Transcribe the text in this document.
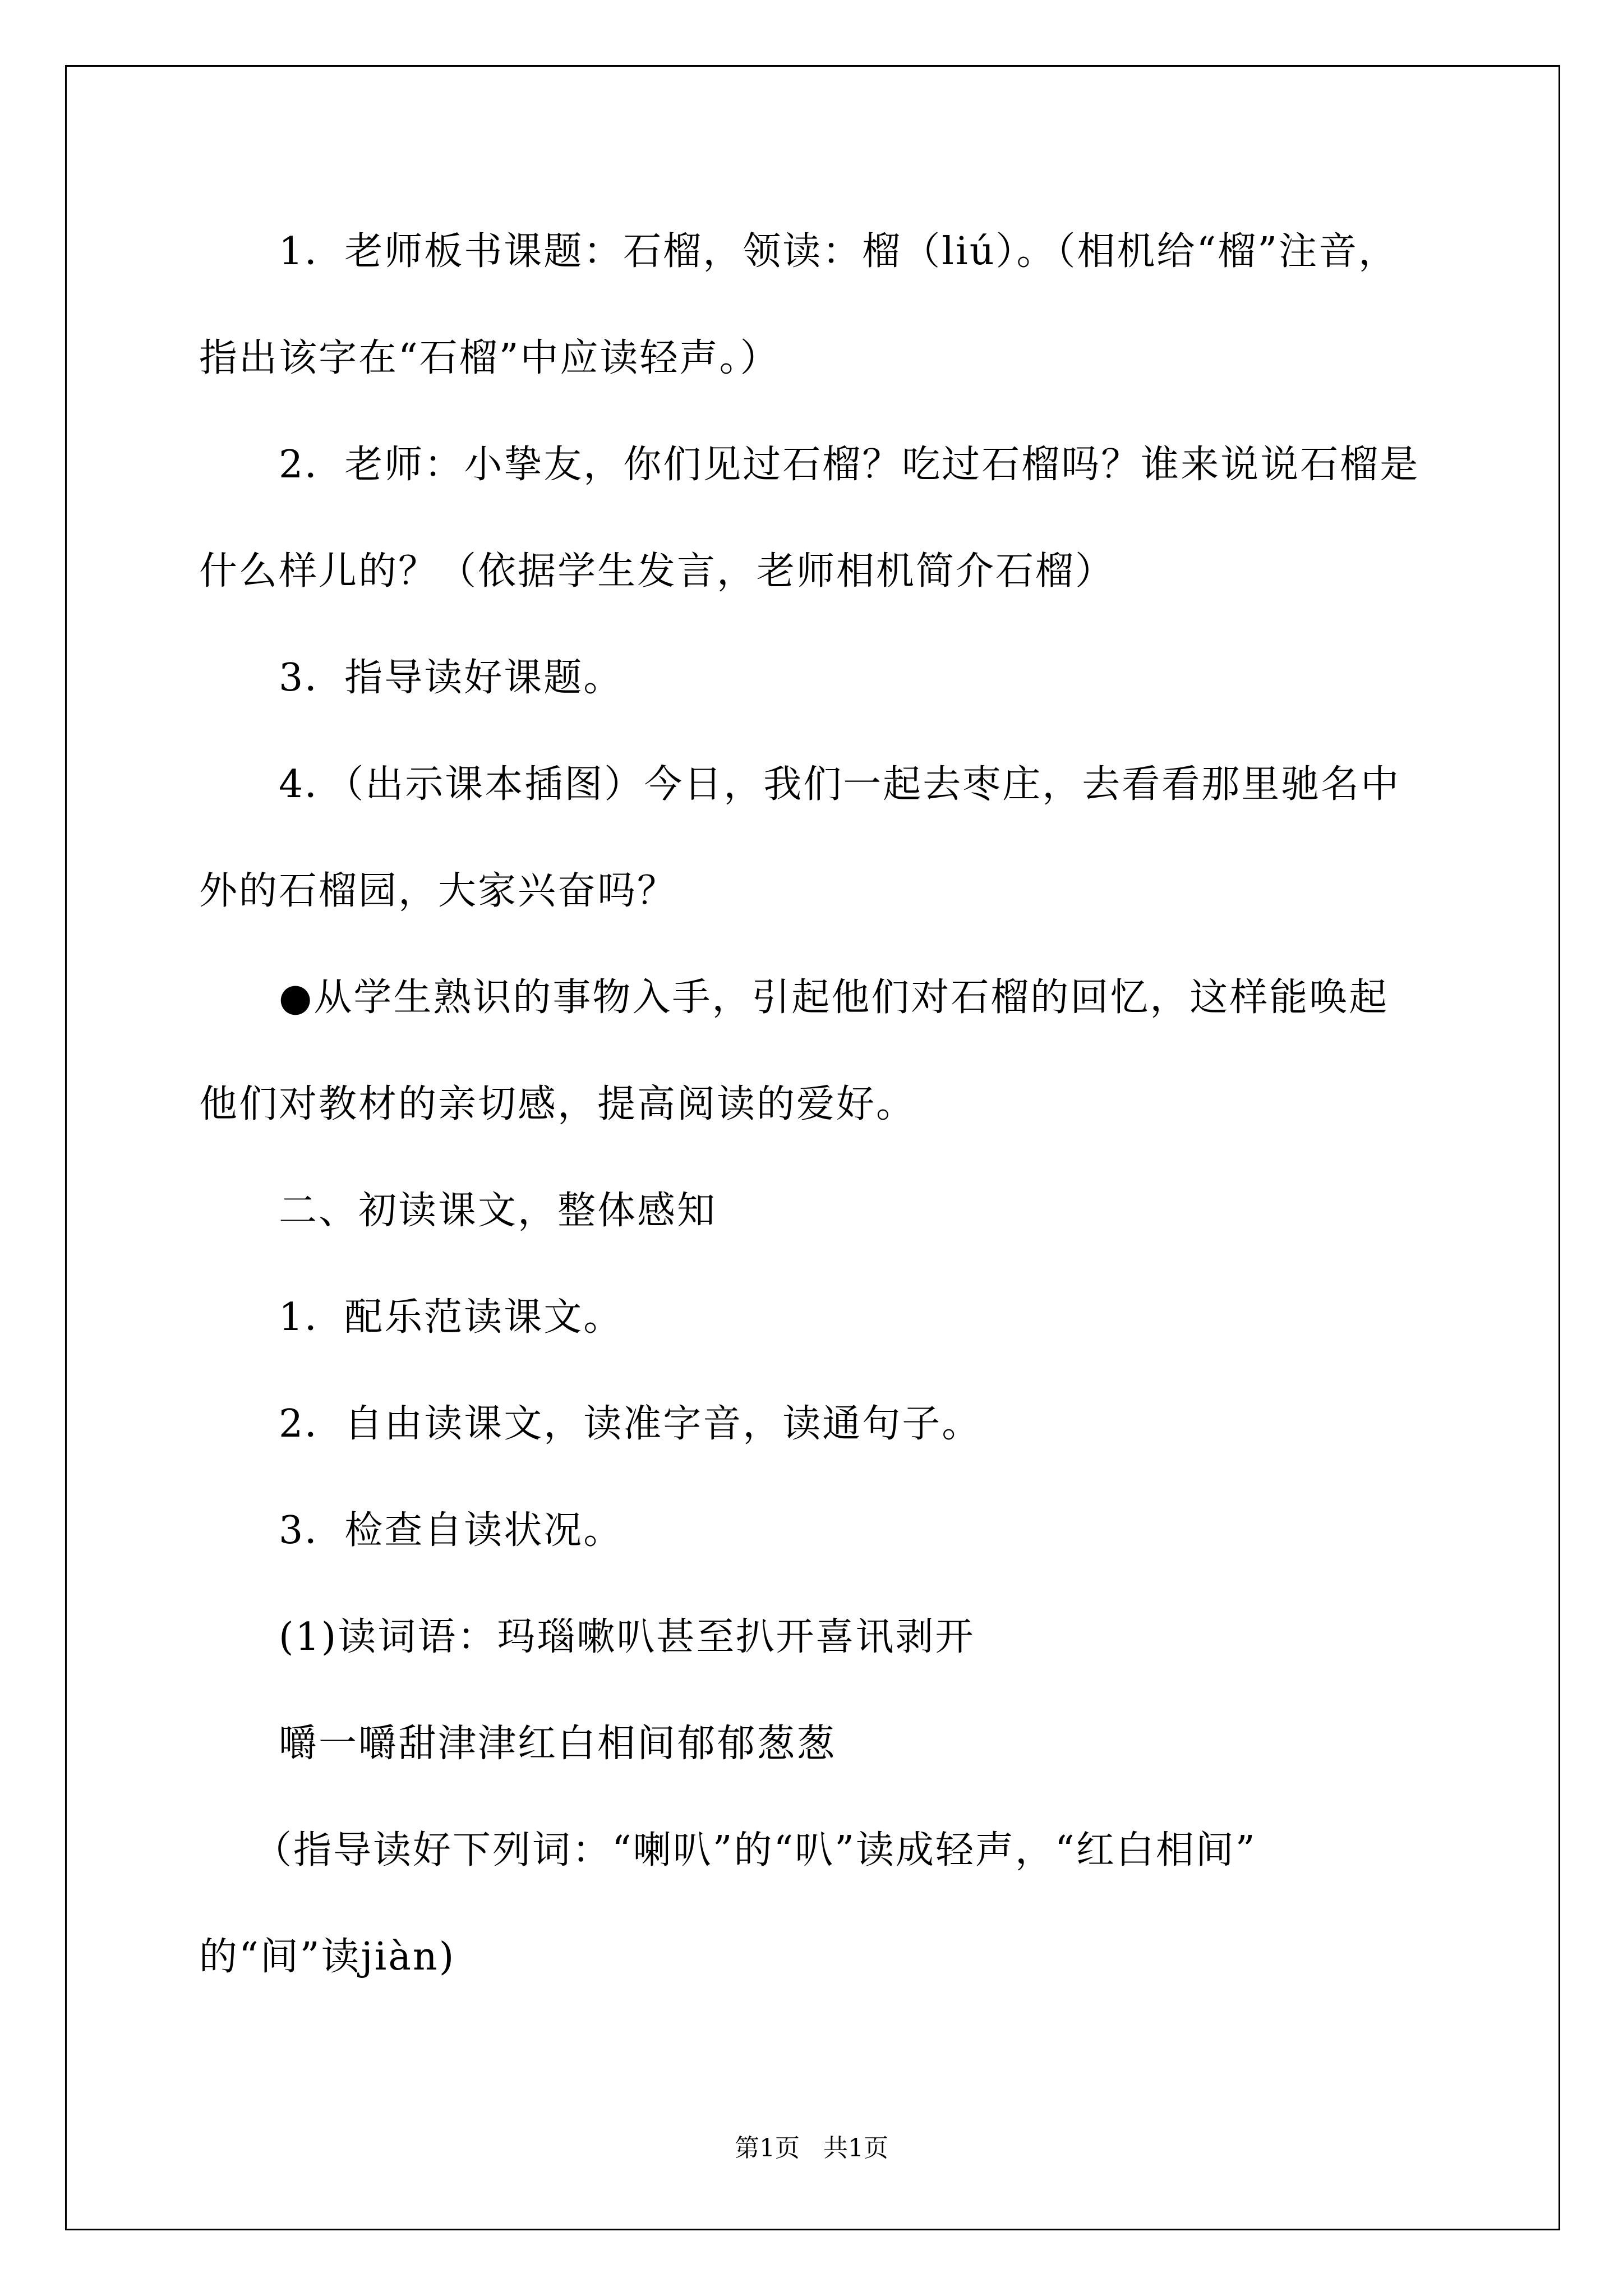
1．老师板书课题：石榴，领读：榴（liú）。（相机给“榴”注音，
指出该字在“石榴”中应读轻声。）
2．老师：小挚友，你们见过石榴？吃过石榴吗？谁来说说石榴是
什么样儿的？（依据学生发言，老师相机简介石榴）
3．指导读好课题。
4．（出示课本插图）今日，我们一起去枣庄，去看看那里驰名中
外的石榴园，大家兴奋吗？
●从学生熟识的事物入手，引起他们对石榴的回忆，这样能唤起
他们对教材的亲切感，提高阅读的爱好。
二、初读课文，整体感知
1．配乐范读课文。
2．自由读课文，读准字音，读通句子。
3．检查自读状况。
(1)读词语：玛瑙嗽叭甚至扒开喜讯剥开
嚼一嚼甜津津红白相间郁郁葱葱
（指导读好下列词：“喇叭”的“叭”读成轻声，“红白相间”
的“间”读jiàn)
第1页   共1页
